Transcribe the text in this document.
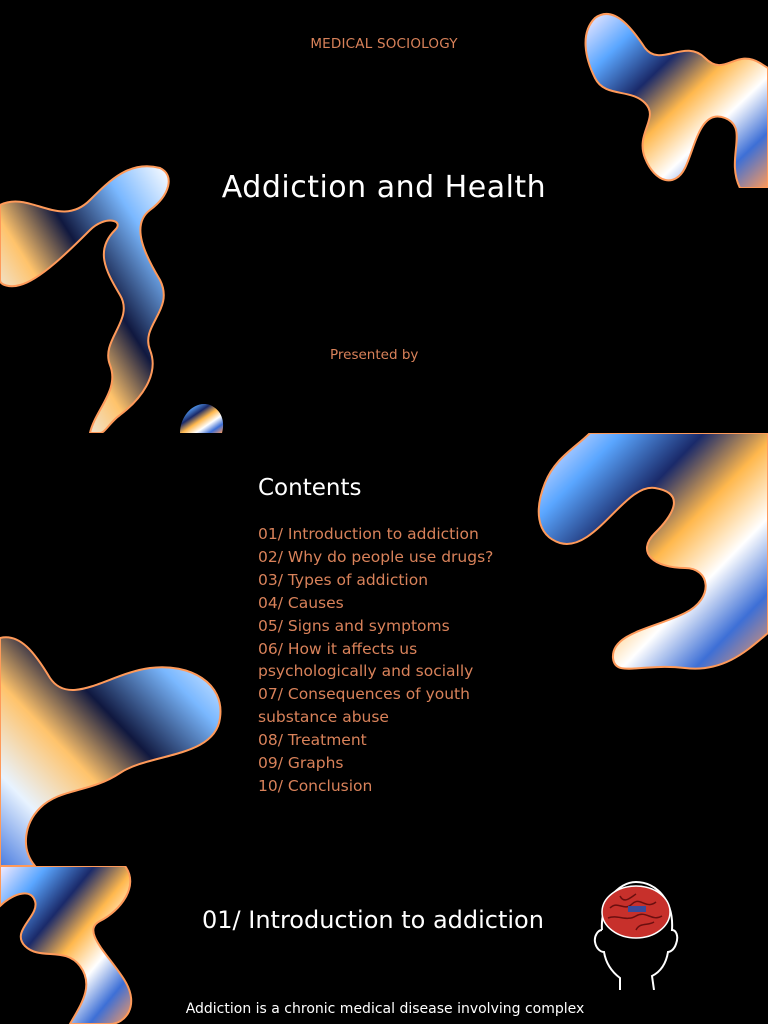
MEDICAL SOCIOLOGY
Addiction and Health
Presented by
Contents
01/ Introduction to addiction
02/ Why do people use drugs?
03/ Types of addiction
04/ Causes
05/ Signs and symptoms
06/ How it affects us psychologically and socially
07/ Consequences of youth substance abuse
08/ Treatment
09/ Graphs
10/ Conclusion
01/ Introduction to addiction
Addiction is a chronic medical disease involving complex
